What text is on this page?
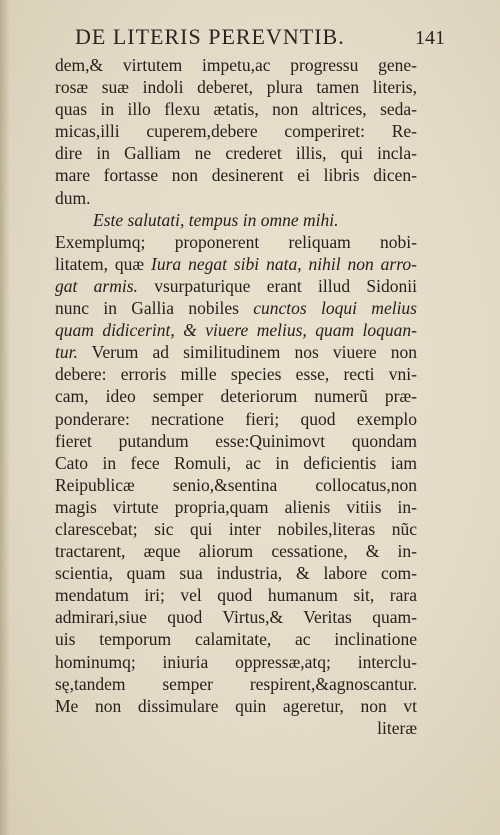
DE LITERIS PEREVNTIB.	141
dem,& virtutem impetu,ac progressu gene-
rosæ suæ indoli deberet, plura tamen literis,
quas in illo flexu ætatis, non altrices, seda-
micas,illi cuperem,debere comperiret: Re-
dire in Galliam ne crederet illis, qui inclа-
mare fortasse non desinerent ei libris dicen-
dum.
Este salutati, tempus in omne mihi.
Exemplumq; proponerent reliquam nobi-
litatem, quæ Iura negat sibi nata, nihil non arro-
gat armis. vsurpaturique erant illud Sidonii
nunc in Gallia nobiles cunctos loqui melius
quam didicerint, & viuere melius, quam loquan-
tur. Verum ad similitudinem nos viuere non
debere: erroris mille species esse, recti vni-
cam, ideo semper deteriorum numerũ præ-
ponderare: necratione fieri; quod exemplo
fieret putandum esse:Quinimovt quondam
Cato in fece Romuli, ac in deficientis iam
Reipublicæ senio,&sentina collocatus,non
magis virtute propria,quam alienis vitiis in-
clarescebat; sic qui inter nobiles,literas nũc
tractarent, æque aliorum cessatione, & in-
scientia, quam sua industria, & labore com-
mendatum iri; vel quod humanum sit, rara
admirari,siue quod Virtus,& Veritas quam-
uis temporum calamitate, ac inclinatione
hominumq; iniuria oppressæ,atq; interclu-
sę,tandem semper respirent,&agnoscantur.
Me non dissimulare quin ageretur, non vt
literæ
